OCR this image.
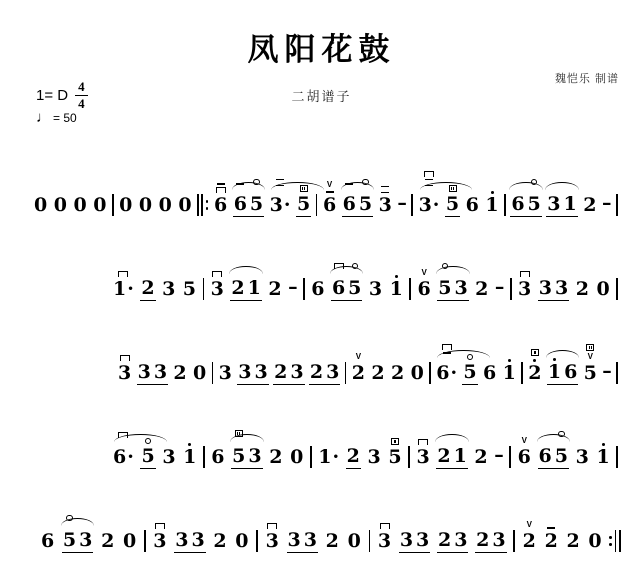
凤阳花鼓
魏恺乐 制谱
二胡谱子
1= D $\frac{4}{4}$
♩ = 50
0 0 0 0 0 0 0 0 6 6 5 3· 5
V
6 6 5 3 – 3· 5 6 1 6 5 3 1 2 –
1· 2 3 5 3 2 1 2 – 6 6 5 3 1
V
6 5 3 2 – 3 3 3 2 0
3 3 3 2 0 3 3 3 2 3 2 3
V
2 2 2 0 6· 5 6 1 2 1 6
V
5 –
6· 5 3 1 6 5 3 2 0 1· 2 3 5 3 2 1 2 –
V
6 6 5 3 1
6 5 3 2 0 3 3 3 2 0 3 3 3 2 0 3 3 3 2 3 2 3
V
2 2 2 0
